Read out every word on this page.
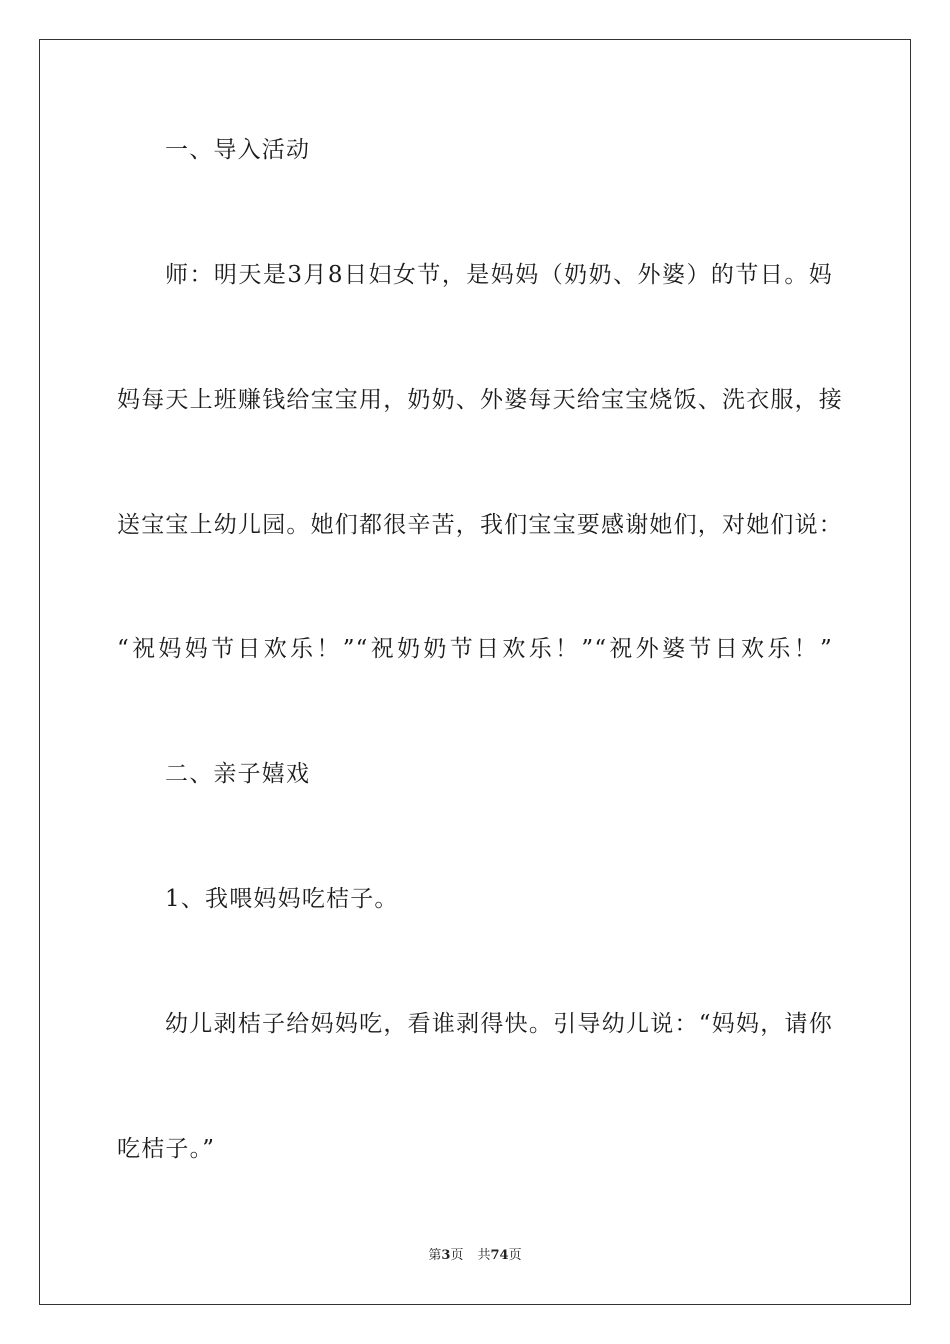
一、导入活动
师：明天是3月8日妇女节，是妈妈（奶奶、外婆）的节日。妈
妈每天上班赚钱给宝宝用，奶奶、外婆每天给宝宝烧饭、洗衣服，接
送宝宝上幼儿园。她们都很辛苦，我们宝宝要感谢她们，对她们说：
“祝妈妈节日欢乐！”“祝奶奶节日欢乐！”“祝外婆节日欢乐！”
二、亲子嬉戏
1、我喂妈妈吃桔子。
幼儿剥桔子给妈妈吃，看谁剥得快。引导幼儿说：“妈妈，请你
吃桔子。”
第3页 共74页
